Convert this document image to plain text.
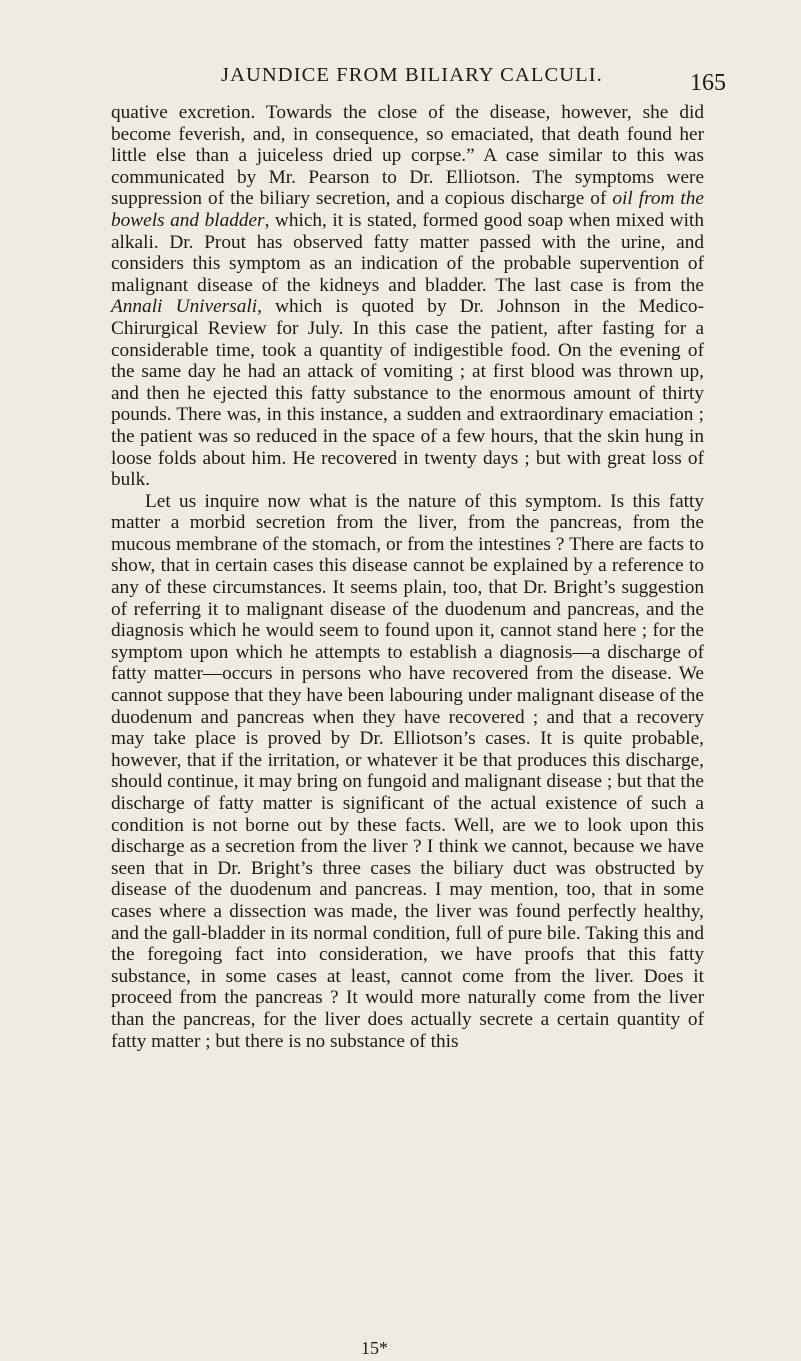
JAUNDICE FROM BILIARY CALCULI.	165

quative excretion. Towards the close of the disease, however, she did become feverish, and, in consequence, so emaciated, that death found her little else than a juiceless dried up corpse.” A case similar to this was communicated by Mr. Pearson to Dr. Elliotson. The symptoms were suppression of the biliary secretion, and a copious discharge of oil from the bowels and bladder, which, it is stated, formed good soap when mixed with alkali. Dr. Prout has observed fatty matter passed with the urine, and considers this symptom as an indication of the probable supervention of malignant disease of the kidneys and bladder. The last case is from the Annali Universali, which is quoted by Dr. Johnson in the Medico-Chirurgical Review for July. In this case the patient, after fasting for a considerable time, took a quantity of indigestible food. On the evening of the same day he had an attack of vomiting ; at first blood was thrown up, and then he ejected this fatty substance to the enormous amount of thirty pounds. There was, in this instance, a sudden and extraordinary emaciation ; the patient was so reduced in the space of a few hours, that the skin hung in loose folds about him. He recovered in twenty days ; but with great loss of bulk.

Let us inquire now what is the nature of this symptom. Is this fatty matter a morbid secretion from the liver, from the pancreas, from the mucous membrane of the stomach, or from the intestines ? There are facts to show, that in certain cases this disease cannot be explained by a reference to any of these circumstances. It seems plain, too, that Dr. Bright’s suggestion of referring it to malignant disease of the duodenum and pancreas, and the diagnosis which he would seem to found upon it, cannot stand here ; for the symptom upon which he attempts to establish a diagnosis—a discharge of fatty matter—occurs in persons who have recovered from the disease. We cannot suppose that they have been labouring under malignant disease of the duodenum and pancreas when they have recovered ; and that a recovery may take place is proved by Dr. Elliotson’s cases. It is quite probable, however, that if the irritation, or whatever it be that produces this discharge, should continue, it may bring on fungoid and malignant disease ; but that the discharge of fatty matter is significant of the actual existence of such a condition is not borne out by these facts. Well, are we to look upon this discharge as a secretion from the liver ? I think we cannot, because we have seen that in Dr. Bright’s three cases the biliary duct was obstructed by disease of the duodenum and pancreas. I may mention, too, that in some cases where a dissection was made, the liver was found perfectly healthy, and the gall-bladder in its normal condition, full of pure bile. Taking this and the foregoing fact into consideration, we have proofs that this fatty substance, in some cases at least, cannot come from the liver. Does it proceed from the pancreas ? It would more naturally come from the liver than the pancreas, for the liver does actually secrete a certain quantity of fatty matter ; but there is no substance of this

15*
